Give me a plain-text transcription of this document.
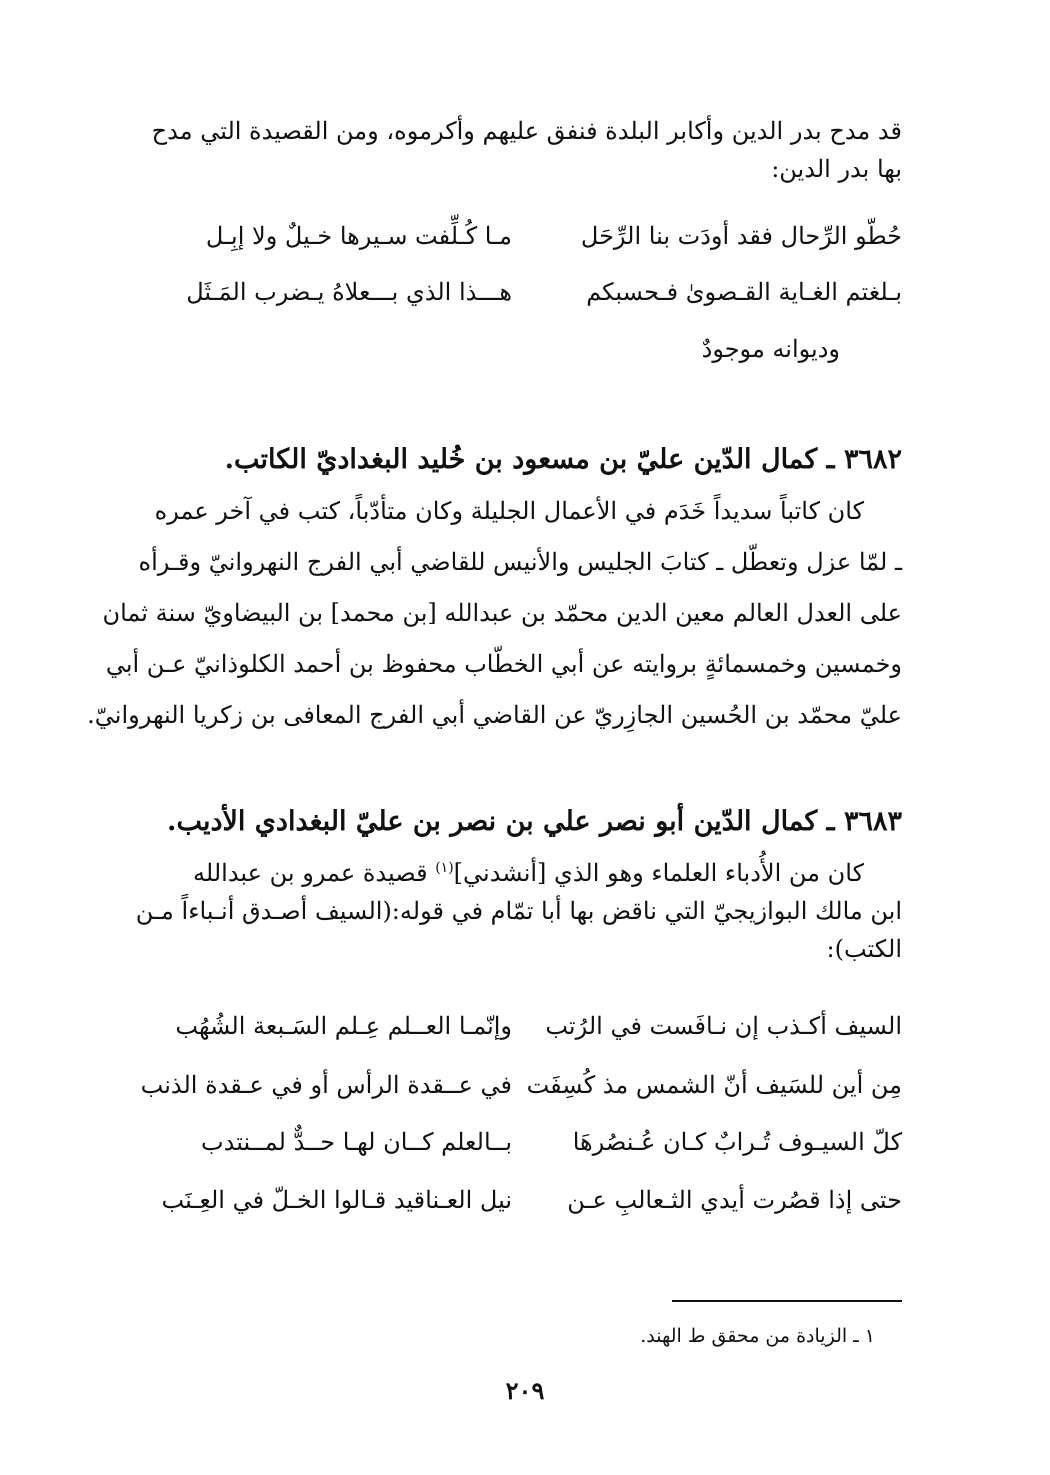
قد مدح بدر الدين وأكابر البلدة فنفق عليهم وأكرموه، ومن القصيدة التي مدح
بها بدر الدين:
حُطّو الرِّحال فقد أودَت بنا الرِّحَل
مـا كُـلِّفت سـيرها خـيلٌ ولا إبِـل
بـلغتم الغـاية القـصوىٰ فـحسبكم
هـــذا الذي بـــعلاهُ يـضرب المَـثَل
وديوانه موجودٌ
٣٦٨٢ ـ كمال الدّين عليّ بن مسعود بن خُليد البغداديّ الكاتب.
كان كاتباً سديداً خَدَم في الأعمال الجليلة وكان متأدّباً، كتب في آخر عمره
ـ لمّا عزل وتعطّل ـ كتابَ الجليس والأنيس للقاضي أبي الفرج النهروانيّ وقـرأه
على العدل العالم معين الدين محمّد بن عبدالله [بن محمد] بن البيضاويّ سنة ثمان
وخمسين وخمسمائةٍ بروايته عن أبي الخطّاب محفوظ بن أحمد الكلوذانيّ عـن أبي
عليّ محمّد بن الحُسين الجازِريّ عن القاضي أبي الفرج المعافى بن زكريا النهروانيّ.
٣٦٨٣ ـ كمال الدّين أبو نصر علي بن نصر بن عليّ البغدادي الأديب.
كان من الأُدباء العلماء وهو الذي [أنشدني]$^{(١)}$ قصيدة عمرو بن عبدالله
ابن مالك البوازيجيّ التي ناقض بها أبا تمّام في قوله:(السيف أصـدق أنـباءاً مـن
الكتب):
السيف أكـذب إن نـافَست في الرُتب
وإنّمـا العــلم عِـلم السَـبعة الشُهُب
مِن أين للسَيف أنّ الشمس مذ كُسِفَت
في عــقدة الرأس أو في عـقدة الذنب
كلّ السيـوف تُـرابٌ كـان عُـنصُرهَا
بــالعلم كــان لهـا حــدٌّ لمــنتدب
حتى إذا قصُرت أيدي الثـعالبِ عـن
نيل العـناقيد قـالوا الخـلّ في العِـنَب
١ ـ الزيادة من محقق ط الهند.
٢٠٩
